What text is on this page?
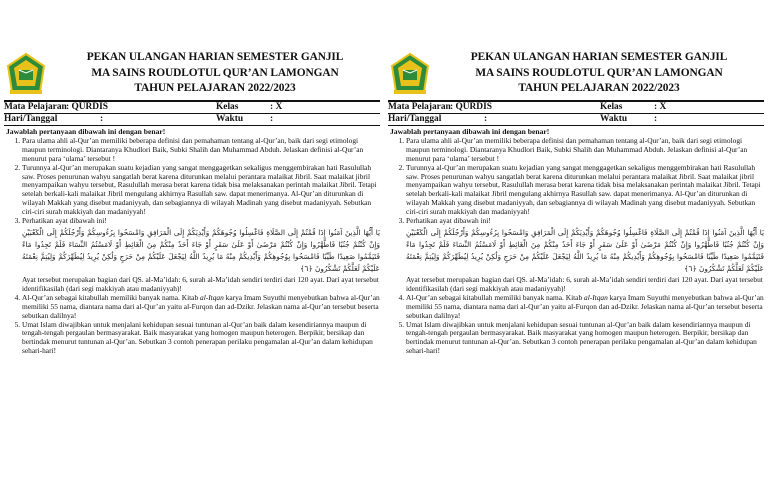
PEKAN ULANGAN HARIAN SEMESTER GANJIL
MA SAINS ROUDLOTUL QUR’AN LAMONGAN
TAHUN PELAJARAN 2022/2023
Mata Pelajaran : QURDIS	Kelas	: X
Hari/Tanggal	:	Waktu	:
Jawablah pertanyaan dibawah ini dengan benar!
1. Para ulama ahli al-Qur’an memiliki beberapa definisi dan pemahaman tentang al-Qur’an, baik dari segi etimologi maupun terminologi. Diantaranya Khudlori Baik, Subki Shalih dan Muhammad Abduh. Jelaskan definisi al-Qur’an menurut para ‘ulama’ tersebut !
2. Turunnya al-Qur’an merupakan suatu kejadian yang sangat menggagetkan sekaligus menggembirakan hati Rasulullah saw. Proses penurunan wahyu sangatlah berat karena diturunkan melalui perantara malaikat Jibril. Saat malaikat jibril menyampaikan wahyu tersebut, Rasulullah merasa berat karena tidak bisa melaksanakan perintah malaikat Jibril. Tetapi setelah berkali-kali malaikat Jibril mengulang akhirnya Rasullah saw. dapat menerimanya. Al-Qur’an diturunkan di wilayah Makkah yang disebut madaniyyah, dan sebagiannya di wilayah Madinah yang disebut madaniyyah. Sebutkan ciri-ciri surah makkiyah dan madaniyyah!
3. Perhatikan ayat dibawah ini!
يَا أَيُّهَا الَّذِينَ آمَنُوا إِذَا قُمْتُمْ إِلَى الصَّلَاةِ فَاغْسِلُوا وُجُوهَكُمْ وَأَيْدِيَكُمْ إِلَى الْمَرَافِقِ وَامْسَحُوا بِرُءُوسِكُمْ وَأَرْجُلَكُمْ إِلَى الْكَعْبَيْنِ وَإِنْ كُنْتُمْ جُنُبًا فَاطَّهَّرُوا وَإِنْ كُنْتُمْ مَرْضَىٰ أَوْ عَلَىٰ سَفَرٍ أَوْ جَاءَ أَحَدٌ مِنْكُمْ مِنَ الْغَائِطِ أَوْ لَامَسْتُمُ النِّسَاءَ فَلَمْ تَجِدُوا مَاءً فَتَيَمَّمُوا صَعِيدًا طَيِّبًا فَامْسَحُوا بِوُجُوهِكُمْ وَأَيْدِيكُمْ مِنْهُ مَا يُرِيدُ اللَّهُ لِيَجْعَلَ عَلَيْكُمْ مِنْ حَرَجٍ وَلَٰكِنْ يُرِيدُ لِيُطَهِّرَكُمْ وَلِيُتِمَّ نِعْمَتَهُ عَلَيْكُمْ لَعَلَّكُمْ تَشْكُرُونَ ﴿٦﴾
Ayat tersebut merupakan bagian dari QS. al-Ma’idah: 6, surah al-Ma’idah sendiri terdiri dari 120 ayat. Dari ayat tersebut identifikasilah (dari segi makkiyah atau madaniyyah)!
4. Al-Qur’an sebagai kitabullah memiliki banyak nama. Kitab al-Itqan karya Imam Suyuthi menyebutkan bahwa al-Qur’an memiliki 55 nama, diantara nama dari al-Qur’an yaitu al-Furqon dan ad-Dzikr. Jelaskan nama al-Qur’an tersebut beserta sebutkan dalilnya!
5. Umat Islam diwajibkan untuk menjalani kehidupan sesuai tuntunan al-Qur’an baik dalam kesendiriannya maupun di tengah-tengah pergaulan bermasyarakat. Baik masyarakat yang homogen maupun heterogen. Berpikir, bersikap dan bertindak menurut tuntunan al-Qur’an. Sebutkan 3 contoh penerapan perilaku pengamalan al-Qur’an dalam kehidupan sehari-hari!
PEKAN ULANGAN HARIAN SEMESTER GANJIL
MA SAINS ROUDLOTUL QUR’AN LAMONGAN
TAHUN PELAJARAN 2022/2023
Mata Pelajaran : QURDIS	Kelas	: X
Hari/Tanggal	:	Waktu	:
Jawablah pertanyaan dibawah ini dengan benar!
1. Para ulama ahli al-Qur’an memiliki beberapa definisi dan pemahaman tentang al-Qur’an, baik dari segi etimologi maupun terminologi. Diantaranya Khudlori Baik, Subki Shalih dan Muhammad Abduh. Jelaskan definisi al-Qur’an menurut para ‘ulama’ tersebut !
2. Turunnya al-Qur’an merupakan suatu kejadian yang sangat menggagetkan sekaligus menggembirakan hati Rasulullah saw. Proses penurunan wahyu sangatlah berat karena diturunkan melalui perantara malaikat Jibril. Saat malaikat jibril menyampaikan wahyu tersebut, Rasulullah merasa berat karena tidak bisa melaksanakan perintah malaikat Jibril. Tetapi setelah berkali-kali malaikat Jibril mengulang akhirnya Rasullah saw. dapat menerimanya. Al-Qur’an diturunkan di wilayah Makkah yang disebut madaniyyah, dan sebagiannya di wilayah Madinah yang disebut madaniyyah. Sebutkan ciri-ciri surah makkiyah dan madaniyyah!
3. Perhatikan ayat dibawah ini!
يَا أَيُّهَا الَّذِينَ آمَنُوا إِذَا قُمْتُمْ إِلَى الصَّلَاةِ فَاغْسِلُوا وُجُوهَكُمْ وَأَيْدِيَكُمْ إِلَى الْمَرَافِقِ وَامْسَحُوا بِرُءُوسِكُمْ وَأَرْجُلَكُمْ إِلَى الْكَعْبَيْنِ وَإِنْ كُنْتُمْ جُنُبًا فَاطَّهَّرُوا وَإِنْ كُنْتُمْ مَرْضَىٰ أَوْ عَلَىٰ سَفَرٍ أَوْ جَاءَ أَحَدٌ مِنْكُمْ مِنَ الْغَائِطِ أَوْ لَامَسْتُمُ النِّسَاءَ فَلَمْ تَجِدُوا مَاءً فَتَيَمَّمُوا صَعِيدًا طَيِّبًا فَامْسَحُوا بِوُجُوهِكُمْ وَأَيْدِيكُمْ مِنْهُ مَا يُرِيدُ اللَّهُ لِيَجْعَلَ عَلَيْكُمْ مِنْ حَرَجٍ وَلَٰكِنْ يُرِيدُ لِيُطَهِّرَكُمْ وَلِيُتِمَّ نِعْمَتَهُ عَلَيْكُمْ لَعَلَّكُمْ تَشْكُرُونَ ﴿٦﴾
Ayat tersebut merupakan bagian dari QS. al-Ma’idah: 6, surah al-Ma’idah sendiri terdiri dari 120 ayat. Dari ayat tersebut identifikasilah (dari segi makkiyah atau madaniyyah)!
4. Al-Qur’an sebagai kitabullah memiliki banyak nama. Kitab al-Itqan karya Imam Suyuthi menyebutkan bahwa al-Qur’an memiliki 55 nama, diantara nama dari al-Qur’an yaitu al-Furqon dan ad-Dzikr. Jelaskan nama al-Qur’an tersebut beserta sebutkan dalilnya!
5. Umat Islam diwajibkan untuk menjalani kehidupan sesuai tuntunan al-Qur’an baik dalam kesendiriannya maupun di tengah-tengah pergaulan bermasyarakat. Baik masyarakat yang homogen maupun heterogen. Berpikir, bersikap dan bertindak menurut tuntunan al-Qur’an. Sebutkan 3 contoh penerapan perilaku pengamalan al-Qur’an dalam kehidupan sehari-hari!
